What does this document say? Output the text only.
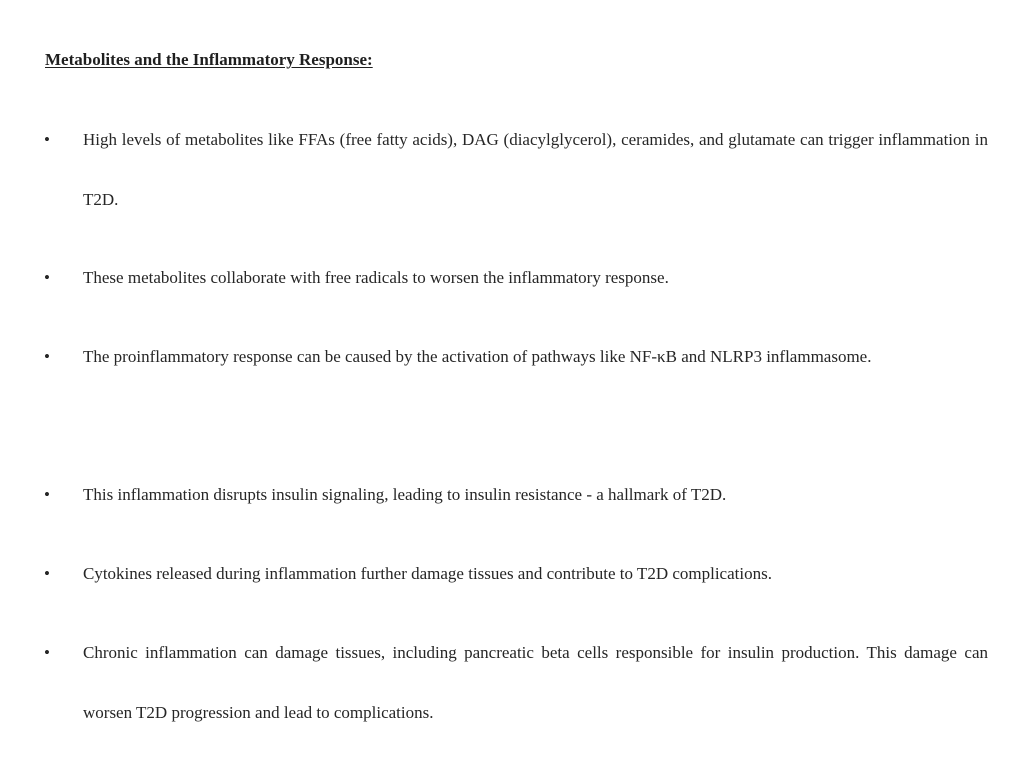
Metabolites and the Inflammatory Response:
• High levels of metabolites like FFAs (free fatty acids), DAG (diacylglycerol), ceramides, and glutamate can trigger inflammation in T2D.
• These metabolites collaborate with free radicals to worsen the inflammatory response.
• The proinflammatory response can be caused by the activation of pathways like NF-κB and NLRP3 inflammasome.
• This inflammation disrupts insulin signaling, leading to insulin resistance - a hallmark of T2D.
• Cytokines released during inflammation further damage tissues and contribute to T2D complications.
• Chronic inflammation can damage tissues, including pancreatic beta cells responsible for insulin production. This damage can worsen T2D progression and lead to complications.
